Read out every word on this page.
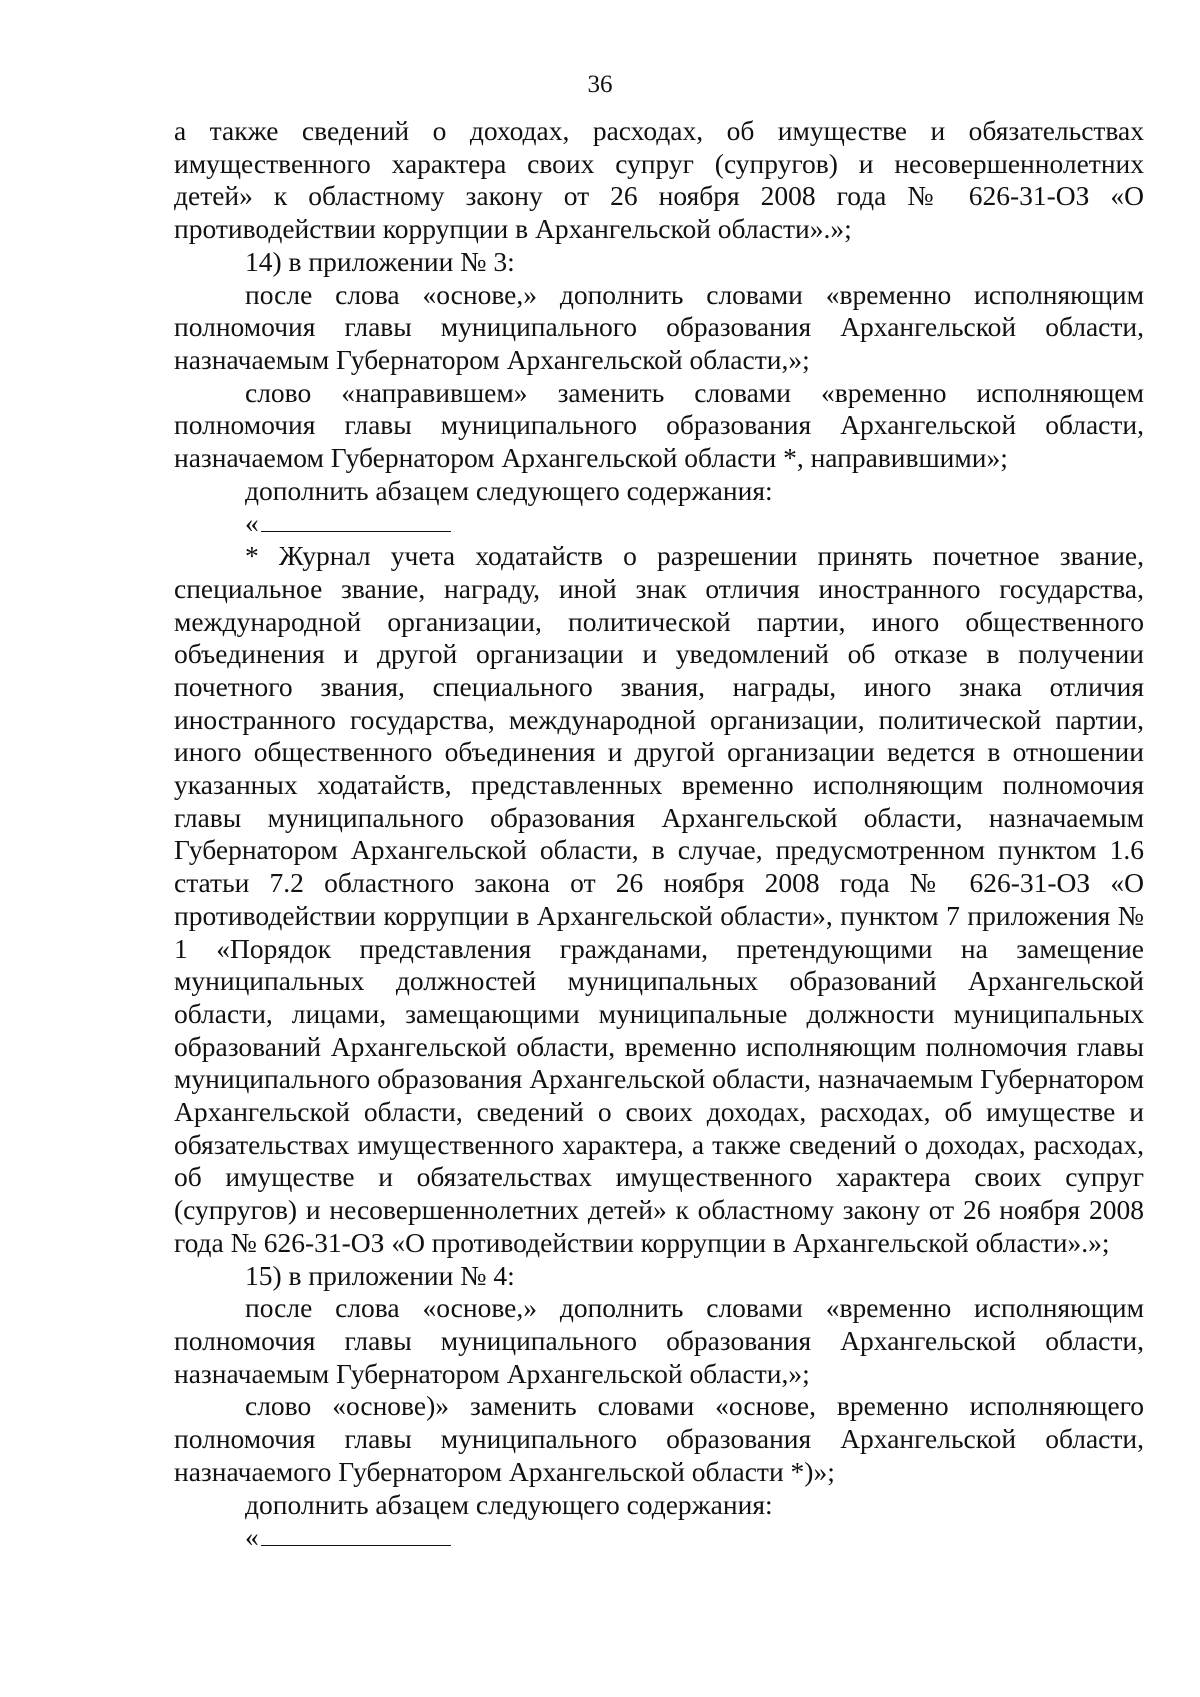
36

а также сведений о доходах, расходах, об имуществе и обязательствах имущественного характера своих супруг (супругов) и несовершеннолетних детей» к областному закону от 26 ноября 2008 года № 626-31-ОЗ «О противодействии коррупции в Архангельской области».»;

14) в приложении № 3:

после слова «основе,» дополнить словами «временно исполняющим полномочия главы муниципального образования Архангельской области, назначаемым Губернатором Архангельской области,»;

слово «направившем» заменить словами «временно исполняющем полномочия главы муниципального образования Архангельской области, назначаемом Губернатором Архангельской области *, направившими»;

дополнить абзацем следующего содержания:

«

* Журнал учета ходатайств о разрешении принять почетное звание, специальное звание, награду, иной знак отличия иностранного государства, международной организации, политической партии, иного общественного объединения и другой организации и уведомлений об отказе в получении почетного звания, специального звания, награды, иного знака отличия иностранного государства, международной организации, политической партии, иного общественного объединения и другой организации ведется в отношении указанных ходатайств, представленных временно исполняющим полномочия главы муниципального образования Архангельской области, назначаемым Губернатором Архангельской области, в случае, предусмотренном пунктом 1.6 статьи 7.2 областного закона от 26 ноября 2008 года № 626-31-ОЗ «О противодействии коррупции в Архангельской области», пунктом 7 приложения № 1 «Порядок представления гражданами, претендующими на замещение муниципальных должностей муниципальных образований Архангельской области, лицами, замещающими муниципальные должности муниципальных образований Архангельской области, временно исполняющим полномочия главы муниципального образования Архангельской области, назначаемым Губернатором Архангельской области, сведений о своих доходах, расходах, об имуществе и обязательствах имущественного характера, а также сведений о доходах, расходах, об имуществе и обязательствах имущественного характера своих супруг (супругов) и несовершеннолетних детей» к областному закону от 26 ноября 2008 года № 626-31-ОЗ «О противодействии коррупции в Архангельской области».»;

15) в приложении № 4:

после слова «основе,» дополнить словами «временно исполняющим полномочия главы муниципального образования Архангельской области, назначаемым Губернатором Архангельской области,»;

слово «основе)» заменить словами «основе, временно исполняющего полномочия главы муниципального образования Архангельской области, назначаемого Губернатором Архангельской области *)»;

дополнить абзацем следующего содержания:

«
